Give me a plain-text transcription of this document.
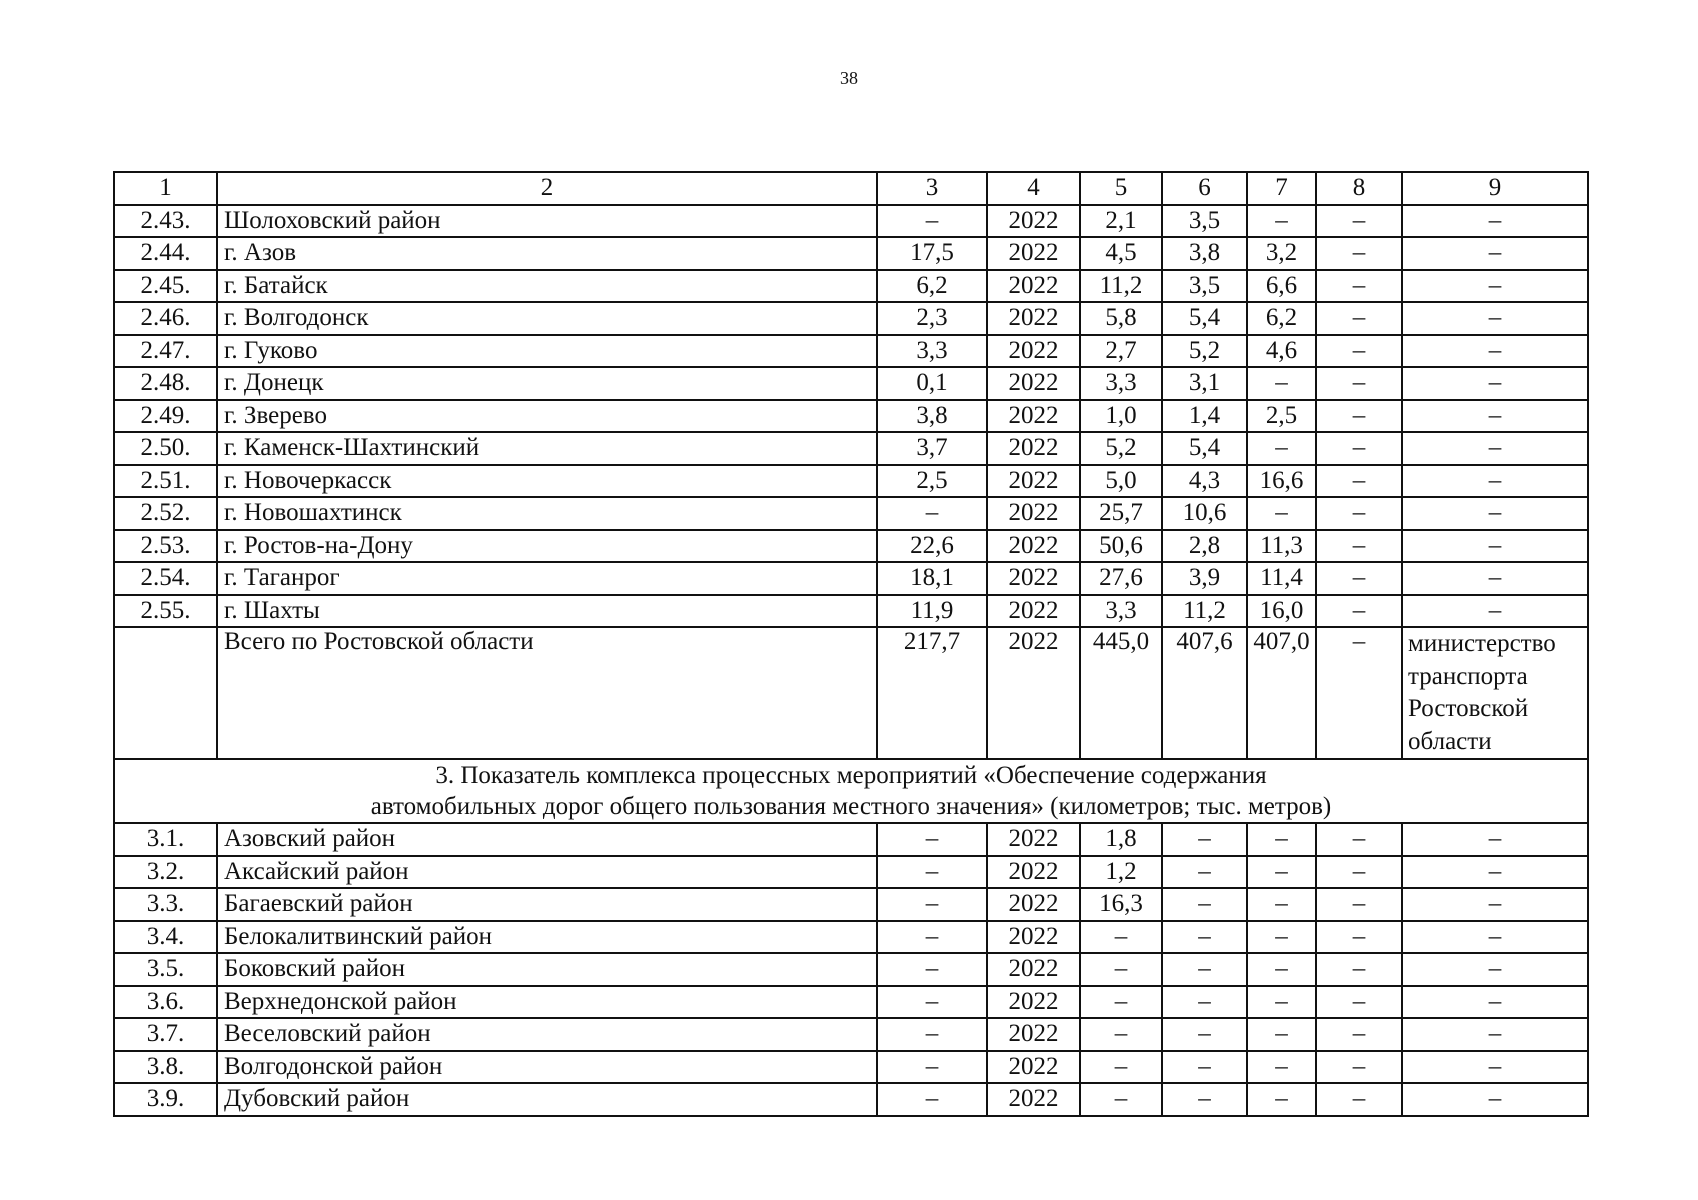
38
1	2	3	4	5	6	7	8	9
2.43.	Шолоховский район	–	2022	2,1	3,5	–	–	–
2.44.	г. Азов	17,5	2022	4,5	3,8	3,2	–	–
2.45.	г. Батайск	6,2	2022	11,2	3,5	6,6	–	–
2.46.	г. Волгодонск	2,3	2022	5,8	5,4	6,2	–	–
2.47.	г. Гуково	3,3	2022	2,7	5,2	4,6	–	–
2.48.	г. Донецк	0,1	2022	3,3	3,1	–	–	–
2.49.	г. Зверево	3,8	2022	1,0	1,4	2,5	–	–
2.50.	г. Каменск-Шахтинский	3,7	2022	5,2	5,4	–	–	–
2.51.	г. Новочеркасск	2,5	2022	5,0	4,3	16,6	–	–
2.52.	г. Новошахтинск	–	2022	25,7	10,6	–	–	–
2.53.	г. Ростов-на-Дону	22,6	2022	50,6	2,8	11,3	–	–
2.54.	г. Таганрог	18,1	2022	27,6	3,9	11,4	–	–
2.55.	г. Шахты	11,9	2022	3,3	11,2	16,0	–	–
	Всего по Ростовской области	217,7	2022	445,0	407,6	407,0	–	министерство
транспорта
Ростовской
области

3. Показатель комплекса процессных мероприятий «Обеспечение содержания
автомобильных дорог общего пользования местного значения» (километров; тыс. метров)								

3.1.	Азовский район	–	2022	1,8	–	–	–	–
3.2.	Аксайский район	–	2022	1,2	–	–	–	–
3.3.	Багаевский район	–	2022	16,3	–	–	–	–
3.4.	Белокалитвинский район	–	2022	–	–	–	–	–
3.5.	Боковский район	–	2022	–	–	–	–	–
3.6.	Верхнедонской район	–	2022	–	–	–	–	–
3.7.	Веселовский район	–	2022	–	–	–	–	–
3.8.	Волгодонской район	–	2022	–	–	–	–	–
3.9.	Дубовский район	–	2022	–	–	–	–	–
